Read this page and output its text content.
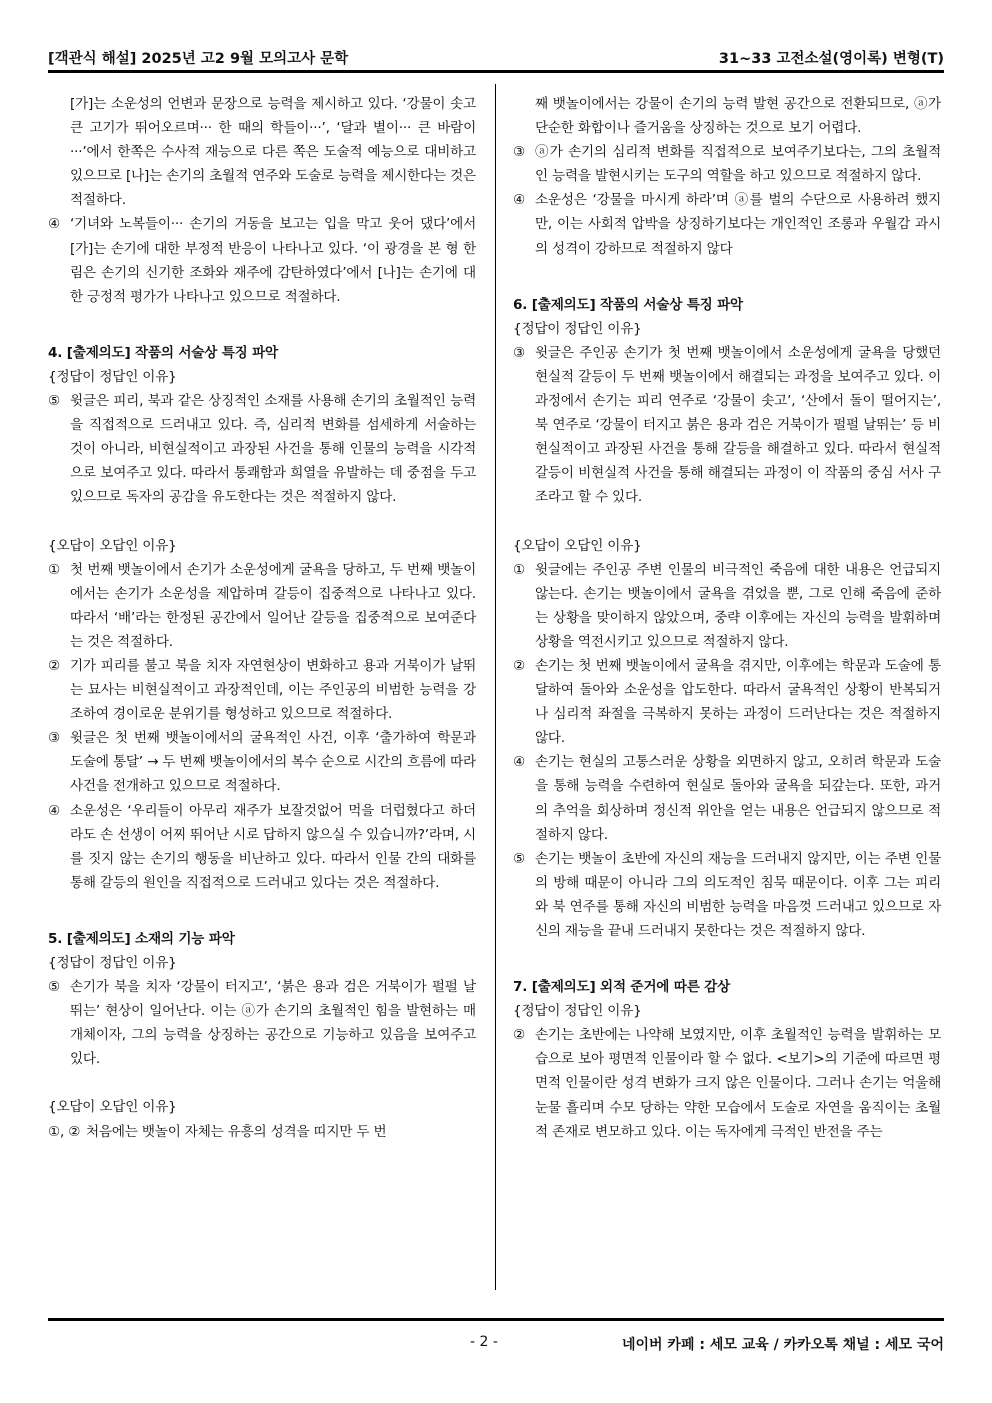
[객관식 해설] 2025년 고2 9월 모의고사 문학	31~33 고전소설(영이록) 변형(T)

[가]는 소운성의 언변과 문장으로 능력을 제시하고 있다. ‘강물이 솟고 큰 고기가 뛰어오르며··· 한 때의 학들이···’, ‘달과 별이··· 큰 바람이···’에서 한쪽은 수사적 재능으로 다른 쪽은 도술적 예능으로 대비하고 있으므로 [나]는 손기의 초월적 연주와 도술로 능력을 제시한다는 것은 적절하다.

④ ‘기녀와 노복들이··· 손기의 거동을 보고는 입을 막고 웃어 댔다’에서 [가]는 손기에 대한 부정적 반응이 나타나고 있다. ‘이 광경을 본 형 한림은 손기의 신기한 조화와 재주에 감탄하였다’에서 [나]는 손기에 대한 긍정적 평가가 나타나고 있으므로 적절하다.

4. [출제의도] 작품의 서술상 특징 파악

{정답이 정답인 이유}

⑤ 윗글은 피리, 북과 같은 상징적인 소재를 사용해 손기의 초월적인 능력을 직접적으로 드러내고 있다. 즉, 심리적 변화를 섬세하게 서술하는 것이 아니라, 비현실적이고 과장된 사건을 통해 인물의 능력을 시각적으로 보여주고 있다. 따라서 통쾌함과 희열을 유발하는 데 중점을 두고 있으므로 독자의 공감을 유도한다는 것은 적절하지 않다.

{오답이 오답인 이유}

① 첫 번째 뱃놀이에서 손기가 소운성에게 굴욕을 당하고, 두 번째 뱃놀이에서는 손기가 소운성을 제압하며 갈등이 집중적으로 나타나고 있다. 따라서 ‘배’라는 한정된 공간에서 일어난 갈등을 집중적으로 보여준다는 것은 적절하다.
② 기가 피리를 불고 북을 치자 자연현상이 변화하고 용과 거북이가 날뛰는 묘사는 비현실적이고 과장적인데, 이는 주인공의 비범한 능력을 강조하여 경이로운 분위기를 형성하고 있으므로 적절하다.
③ 윗글은 첫 번째 뱃놀이에서의 굴욕적인 사건, 이후 ‘출가하여 학문과 도술에 통달’ → 두 번째 뱃놀이에서의 복수 순으로 시간의 흐름에 따라 사건을 전개하고 있으므로 적절하다.
④ 소운성은 ‘우리들이 아무리 재주가 보잘것없어 먹을 더럽혔다고 하더라도 손 선생이 어찌 뛰어난 시로 답하지 않으실 수 있습니까?’라며, 시를 짓지 않는 손기의 행동을 비난하고 있다. 따라서 인물 간의 대화를 통해 갈등의 원인을 직접적으로 드러내고 있다는 것은 적절하다.

5. [출제의도] 소재의 기능 파악

{정답이 정답인 이유}

⑤ 손기가 북을 치자 ‘강물이 터지고’, ‘붉은 용과 검은 거북이가 펄펄 날뛰는’ 현상이 일어난다. 이는 ⓐ가 손기의 초월적인 힘을 발현하는 매개체이자, 그의 능력을 상징하는 공간으로 기능하고 있음을 보여주고 있다.

{오답이 오답인 이유}

①, ② 처음에는 뱃놀이 자체는 유흥의 성격을 띠지만 두 번

째 뱃놀이에서는 강물이 손기의 능력 발현 공간으로 전환되므로, ⓐ가 단순한 화합이나 즐거움을 상징하는 것으로 보기 어렵다.

③ ⓐ가 손기의 심리적 변화를 직접적으로 보여주기보다는, 그의 초월적인 능력을 발현시키는 도구의 역할을 하고 있으므로 적절하지 않다.
④ 소운성은 ‘강물을 마시게 하라’며 ⓐ를 벌의 수단으로 사용하려 했지만, 이는 사회적 압박을 상징하기보다는 개인적인 조롱과 우월감 과시의 성격이 강하므로 적절하지 않다

6. [출제의도] 작품의 서술상 특징 파악

{정답이 정답인 이유}

③ 윗글은 주인공 손기가 첫 번째 뱃놀이에서 소운성에게 굴욕을 당했던 현실적 갈등이 두 번째 뱃놀이에서 해결되는 과정을 보여주고 있다. 이 과정에서 손기는 피리 연주로 ‘강물이 솟고’, ‘산에서 돌이 떨어지는’, 북 연주로 ‘강물이 터지고 붉은 용과 검은 거북이가 펄펄 날뛰는’ 등 비현실적이고 과장된 사건을 통해 갈등을 해결하고 있다. 따라서 현실적 갈등이 비현실적 사건을 통해 해결되는 과정이 이 작품의 중심 서사 구조라고 할 수 있다.

{오답이 오답인 이유}

① 윗글에는 주인공 주변 인물의 비극적인 죽음에 대한 내용은 언급되지 않는다. 손기는 뱃놀이에서 굴욕을 겪었을 뿐, 그로 인해 죽음에 준하는 상황을 맞이하지 않았으며, 중략 이후에는 자신의 능력을 발휘하며 상황을 역전시키고 있으므로 적절하지 않다.
② 손기는 첫 번째 뱃놀이에서 굴욕을 겪지만, 이후에는 학문과 도술에 통달하여 돌아와 소운성을 압도한다. 따라서 굴욕적인 상황이 반복되거나 심리적 좌절을 극복하지 못하는 과정이 드러난다는 것은 적절하지 않다.
④ 손기는 현실의 고통스러운 상황을 외면하지 않고, 오히려 학문과 도술을 통해 능력을 수련하여 현실로 돌아와 굴욕을 되갚는다. 또한, 과거의 추억을 회상하며 정신적 위안을 얻는 내용은 언급되지 않으므로 적절하지 않다.
⑤ 손기는 뱃놀이 초반에 자신의 재능을 드러내지 않지만, 이는 주변 인물의 방해 때문이 아니라 그의 의도적인 침묵 때문이다. 이후 그는 피리와 북 연주를 통해 자신의 비범한 능력을 마음껏 드러내고 있으므로 자신의 재능을 끝내 드러내지 못한다는 것은 적절하지 않다.

7. [출제의도] 외적 준거에 따른 감상

{정답이 정답인 이유}

② 손기는 초반에는 나약해 보였지만, 이후 초월적인 능력을 발휘하는 모습으로 보아 평면적 인물이라 할 수 없다. <보기>의 기준에 따르면 평면적 인물이란 성격 변화가 크지 않은 인물이다. 그러나 손기는 억울해 눈물 흘리며 수모 당하는 약한 모습에서 도술로 자연을 움직이는 초월적 존재로 변모하고 있다. 이는 독자에게 극적인 반전을 주는
- 2 -	네이버 카페 : 세모 교육 / 카카오톡 채널 : 세모 국어
